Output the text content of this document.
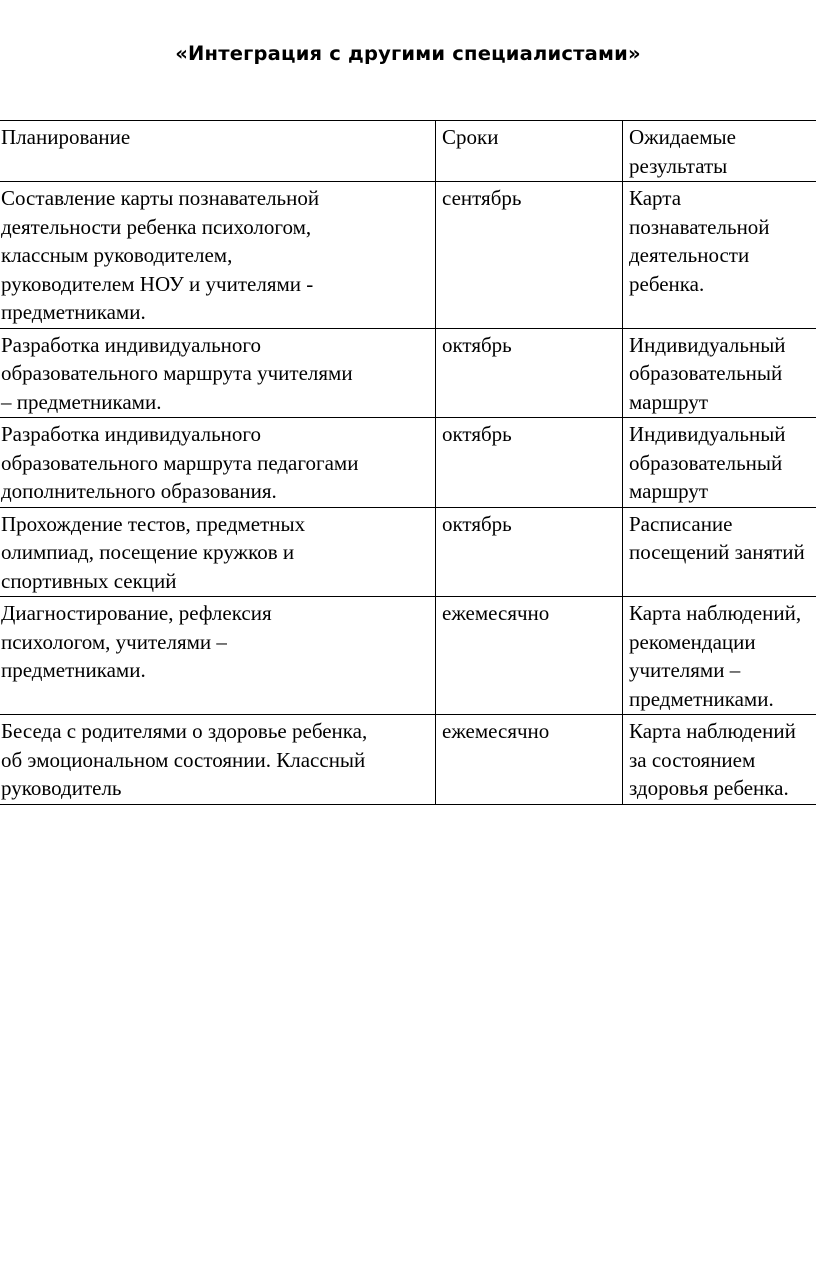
«Интеграция с другими специалистами»
Планирование	Сроки	Ожидаемые
результаты

Составление карты познавательной
деятельности ребенка психологом,
классным руководителем,
руководителем НОУ и учителями -
предметниками.	сентябрь	Карта
познавательной
деятельности
ребенка.

Разработка индивидуального
образовательного маршрута учителями
– предметниками.	октябрь	Индивидуальный
образовательный
маршрут

Разработка индивидуального
образовательного маршрута педагогами
дополнительного образования.	октябрь	Индивидуальный
образовательный
маршрут

Прохождение тестов, предметных
олимпиад, посещение кружков и
спортивных секций	октябрь	Расписание
посещений занятий

Диагностирование, рефлексия
психологом, учителями –
предметниками.	ежемесячно	Карта наблюдений,
рекомендации
учителями –
предметниками.

Беседа с родителями о здоровье ребенка,
об эмоциональном состоянии. Классный
руководитель	ежемесячно	Карта наблюдений
за состоянием
здоровья ребенка.
